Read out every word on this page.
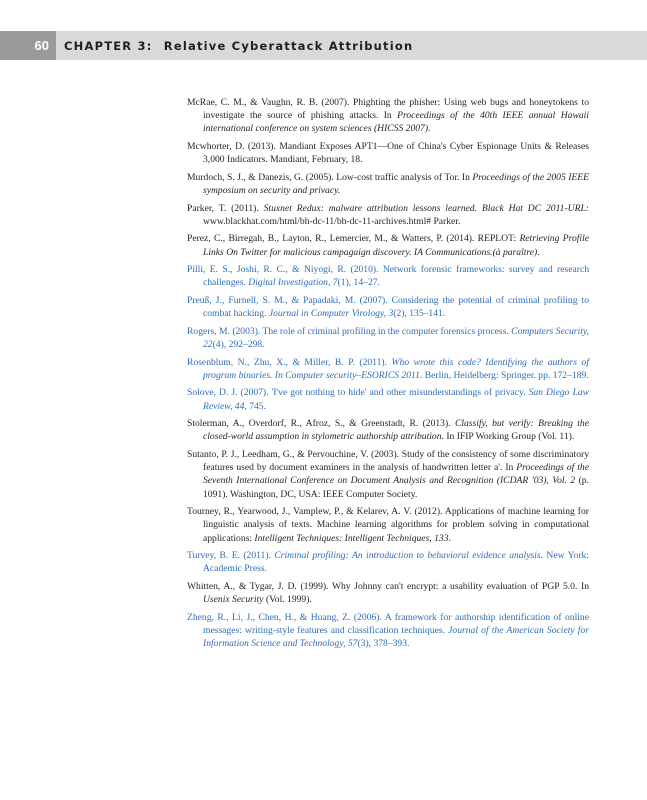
60	CHAPTER 3: Relative Cyberattack Attribution
McRae, C. M., & Vaughn, R. B. (2007). Phighting the phisher: Using web bugs and honeytokens to investigate the source of phishing attacks. In Proceedings of the 40th IEEE annual Hawaii international conference on system sciences (HICSS 2007).
Mcwhorter, D. (2013). Mandiant Exposes APT1—One of China's Cyber Espionage Units & Releases 3,000 Indicators. Mandiant, February, 18.
Murdoch, S. J., & Danezis, G. (2005). Low-cost traffic analysis of Tor. In Proceedings of the 2005 IEEE symposium on security and privacy.
Parker, T. (2011). Stuxnet Redux: malware attribution lessons learned. Black Hat DC 2011-URL: www.blackhat.com/html/bh-dc-11/bh-dc-11-archives.html# Parker.
Perez, C., Birregah, B., Layton, R., Lemercier, M., & Watters, P. (2014). REPLOT: Retrieving Profile Links On Twitter for malicious campagaign discovery. IA Communications.(à paraître).
Pilli, E. S., Joshi, R. C., & Niyogi, R. (2010). Network forensic frameworks: survey and research challenges. Digital Investigation, 7(1), 14–27.
Preuß, J., Furnell, S. M., & Papadaki, M. (2007). Considering the potential of criminal profiling to combat hacking. Journal in Computer Virology, 3(2), 135–141.
Rogers, M. (2003). The role of criminal profiling in the computer forensics process. Computers Security, 22(4), 292–298.
Rosenblum, N., Zhu, X., & Miller, B. P. (2011). Who wrote this code? Identifying the authors of program binaries. In Computer security–ESORICS 2011. Berlin, Heidelberg: Springer. pp. 172–189.
Solove, D. J. (2007). 'I've got nothing to hide' and other misunderstandings of privacy. San Diego Law Review, 44, 745.
Stolerman, A., Overdorf, R., Afroz, S., & Greenstadt, R. (2013). Classify, but verify: Breaking the closed-world assumption in stylometric authorship attribution. In IFIP Working Group (Vol. 11).
Sutanto, P. J., Leedham, G., & Pervouchine, V. (2003). Study of the consistency of some discriminatory features used by document examiners in the analysis of handwritten letter a'. In Proceedings of the Seventh International Conference on Document Analysis and Recognition (ICDAR '03), Vol. 2 (p. 1091). Washington, DC, USA: IEEE Computer Society.
Tourney, R., Yearwood, J., Vamplew, P., & Kelarev, A. V. (2012). Applications of machine learning for linguistic analysis of texts. Machine learning algorithms for problem solving in computational applications: Intelligent Techniques: Intelligent Techniques, 133.
Turvey, B. E. (2011). Criminal profiling: An introduction to behavioral evidence analysis. New York: Academic Press.
Whitten, A., & Tygar, J. D. (1999). Why Johnny can't encrypt: a usability evaluation of PGP 5.0. In Usenix Security (Vol. 1999).
Zheng, R., Li, J., Chen, H., & Huang, Z. (2006). A framework for authorship identification of online messages: writing-style features and classification techniques. Journal of the American Society for Information Science and Technology, 57(3), 378–393.
